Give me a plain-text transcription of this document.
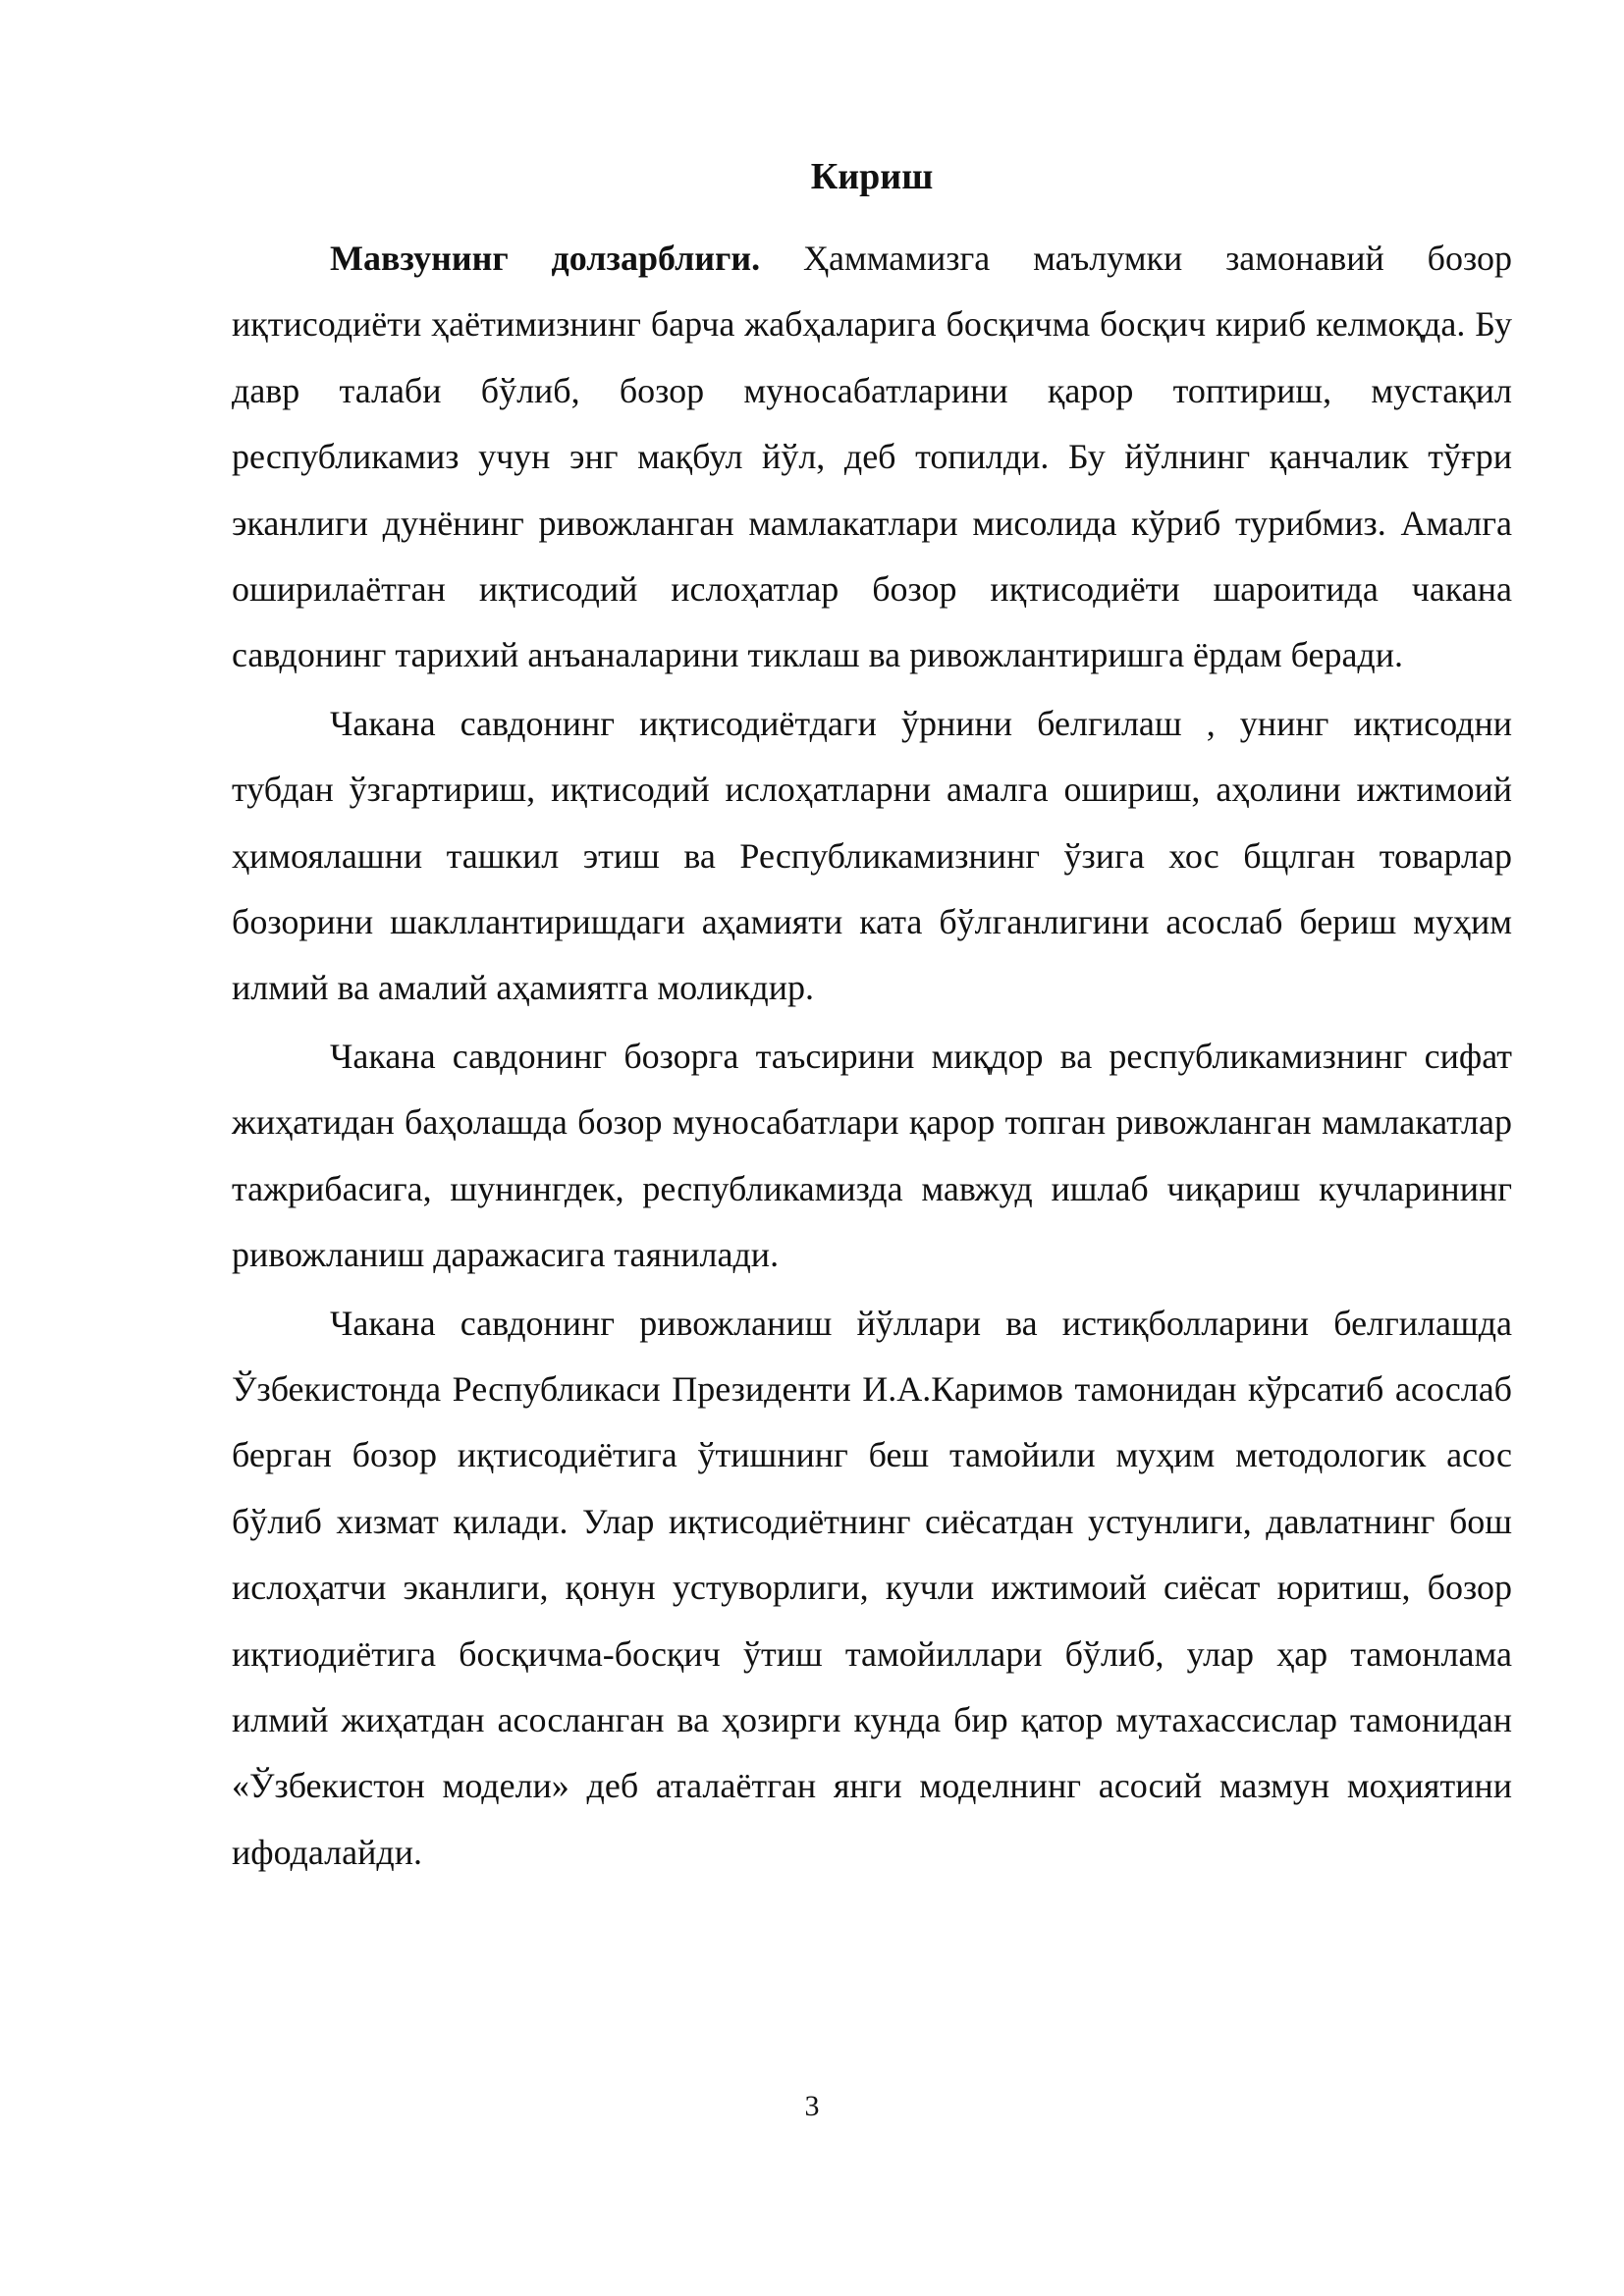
Кириш

Мавзунинг долзарблиги. Ҳаммамизга маълумки замонавий бозор иқтисодиёти ҳаётимизнинг барча жабҳаларига босқичма босқич кириб келмоқда. Бу давр талаби бўлиб, бозор муносабатларини қарор топтириш, мустақил республикамиз учун энг мақбул йўл, деб топилди. Бу йўлнинг қанчалик тўғри эканлиги дунёнинг ривожланган мамлакатлари мисолида кўриб турибмиз. Амалга оширилаётган иқтисодий ислоҳатлар бозор иқтисодиёти шароитида чакана савдонинг тарихий анъаналарини тиклаш ва ривожлантиришга ёрдам беради.

Чакана савдонинг иқтисодиётдаги ўрнини белгилаш , унинг иқтисодни тубдан ўзгартириш, иқтисодий ислоҳатларни амалга ошириш, аҳолини ижтимоий ҳимоялашни ташкил этиш ва Республикамизнинг ўзига хос бщлган товарлар бозорини шакллантиришдаги аҳамияти ката бўлганлигини асослаб бериш муҳим илмий ва амалий аҳамиятга моликдир.

Чакана савдонинг бозорга таъсирини миқдор ва республикамизнинг сифат жиҳатидан баҳолашда бозор муносабатлари қарор топган ривожланган мамлакатлар тажрибасига, шунингдек, республикамизда мавжуд ишлаб чиқариш кучларининг ривожланиш даражасига таянилади.

Чакана савдонинг ривожланиш йўллари ва истиқболларини белгилашда Ўзбекистонда Республикаси Президенти И.А.Каримов тамонидан кўрсатиб асослаб берган бозор иқтисодиётига ўтишнинг беш тамойили муҳим методологик асос бўлиб хизмат қилади. Улар иқтисодиётнинг сиёсатдан устунлиги, давлатнинг бош ислоҳатчи эканлиги, қонун устуворлиги, кучли ижтимоий сиёсат юритиш, бозор иқтиодиётига босқичма-босқич ўтиш тамойиллари бўлиб, улар ҳар тамонлама илмий жиҳатдан асосланган ва ҳозирги кунда бир қатор мутахассислар тамонидан «Ўзбекистон модели» деб аталаётган янги моделнинг асосий мазмун моҳиятини ифодалайди.

3
